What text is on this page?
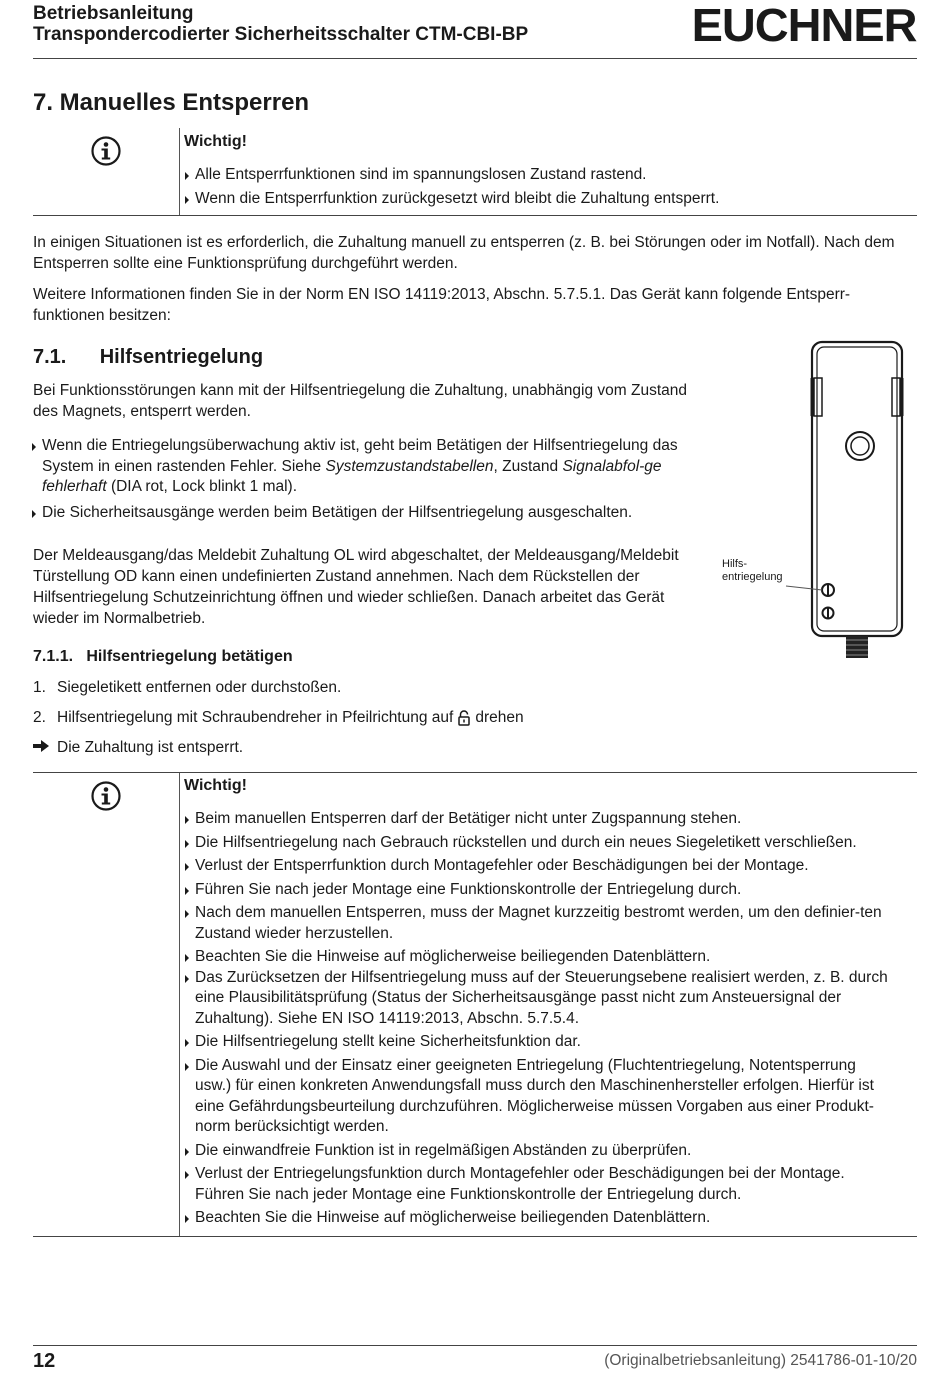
Betriebsanleitung
Transpondercodierter Sicherheitsschalter CTM-CBI-BP	EUCHNER
7. Manuelles Entsperren
Wichtig!
Alle Entsperrfunktionen sind im spannungslosen Zustand rastend.
Wenn die Entsperrfunktion zurückgesetzt wird bleibt die Zuhaltung entsperrt.

In einigen Situationen ist es erforderlich, die Zuhaltung manuell zu entsperren (z. B. bei Störungen oder im Notfall). Nach dem Entsperren sollte eine Funktionsprüfung durchgeführt werden.

Weitere Informationen finden Sie in der Norm EN ISO 14119:2013, Abschn. 5.7.5.1. Das Gerät kann folgende Entsperr-funktionen besitzen:

7.1.      Hilfsentriegelung

Bei Funktionsstörungen kann mit der Hilfsentriegelung die Zuhaltung, unabhängig vom Zustand des Magnets, entsperrt werden.

Wenn die Entriegelungsüberwachung aktiv ist, geht beim Betätigen der Hilfsentriegelung das System in einen rastenden Fehler. Siehe Systemzustandstabellen, Zustand Signalabfol-ge fehlerhaft (DIA rot, Lock blinkt 1 mal).
Die Sicherheitsausgänge werden beim Betätigen der Hilfsentriegelung ausgeschalten.

Der Meldeausgang/das Meldebit Zuhaltung OL wird abgeschaltet, der Meldeausgang/Meldebit Türstellung OD kann einen undefinierten Zustand annehmen. Nach dem Rückstellen der Hilfsentriegelung Schutzeinrichtung öffnen und wieder schließen. Danach arbeitet das Gerät wieder im Normalbetrieb.

Hilfs-
entriegelung
7.1.1.   Hilfsentriegelung betätigen
1. Siegeletikett entfernen oder durchstoßen.
2. Hilfsentriegelung mit Schraubendreher in Pfeilrichtung auf drehen
Die Zuhaltung ist entsperrt.
Wichtig!
Beim manuellen Entsperren darf der Betätiger nicht unter Zugspannung stehen.
Die Hilfsentriegelung nach Gebrauch rückstellen und durch ein neues Siegeletikett verschließen.
Verlust der Entsperrfunktion durch Montagefehler oder Beschädigungen bei der Montage.
Führen Sie nach jeder Montage eine Funktionskontrolle der Entriegelung durch.
Nach dem manuellen Entsperren, muss der Magnet kurzzeitig bestromt werden, um den definier-ten Zustand wieder herzustellen.
Beachten Sie die Hinweise auf möglicherweise beiliegenden Datenblättern.
Das Zurücksetzen der Hilfsentriegelung muss auf der Steuerungsebene realisiert werden, z. B. durch eine Plausibilitätsprüfung (Status der Sicherheitsausgänge passt nicht zum Ansteuersignal der Zuhaltung). Siehe EN ISO 14119:2013, Abschn. 5.7.5.4.
Die Hilfsentriegelung stellt keine Sicherheitsfunktion dar.
Die Auswahl und der Einsatz einer geeigneten Entriegelung (Fluchtentriegelung, Notentsperrung usw.) für einen konkreten Anwendungsfall muss durch den Maschinenhersteller erfolgen. Hierfür ist eine Gefährdungsbeurteilung durchzuführen. Möglicherweise müssen Vorgaben aus einer Produkt-norm berücksichtigt werden.
Die einwandfreie Funktion ist in regelmäßigen Abständen zu überprüfen.
Verlust der Entriegelungsfunktion durch Montagefehler oder Beschädigungen bei der Montage. Führen Sie nach jeder Montage eine Funktionskontrolle der Entriegelung durch.
Beachten Sie die Hinweise auf möglicherweise beiliegenden Datenblättern.
12	(Originalbetriebsanleitung) 2541786-01-10/20
